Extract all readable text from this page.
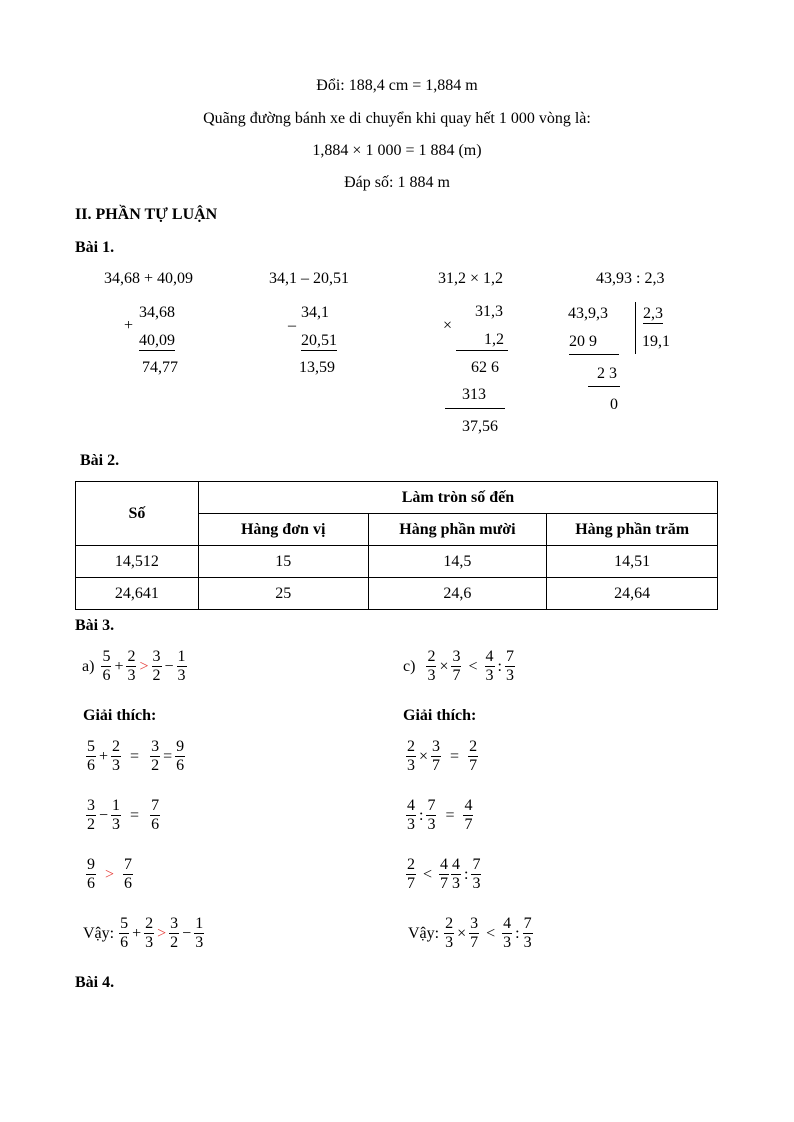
Đổi: 188,4 cm = 1,884 m
Quãng đường bánh xe di chuyển khi quay hết 1 000 vòng là:
1,884 × 1 000 = 1 884 (m)
Đáp số: 1 884 m
II. PHẦN TỰ LUẬN
Bài 1.
34,68 + 40,09	34,1 – 20,51	31,2 × 1,2	43,93 : 2,3
34,68
+
40,09
74,77
34,1
–
20,51
13,59
31,3
×
1,2
62 6
313
37,56
43,9,3 2,3
19,1
20 9
2 3
0
Bài 2.
Số	Làm tròn số đến		
	Hàng đơn vị	Hàng phần mười	Hàng phần trăm
14,512	15	14,5	14,51
24,641	25	24,6	24,64
Bài 3.
$a) \frac{5}{6} + \frac{2}{3} > \frac{3}{2} - \frac{1}{3}$	$c) \frac{2}{3} \times \frac{3}{7} < \frac{4}{3}$ : $\frac{7}{3}$
Giải thích:	Giải thích:
$\frac{5}{6} + \frac{2}{3} = \frac{3}{2} = \frac{9}{6}$
$\frac{3}{2} - \frac{1}{3} = \frac{7}{6}$
$\frac{9}{6} > \frac{7}{6}$
Vậy: $\frac{5}{6} + \frac{2}{3} > \frac{3}{2} - \frac{1}{3}$
$\frac{2}{3} \times \frac{3}{7} = \frac{2}{7}$
$\frac{4}{3}$ : $\frac{7}{3} = \frac{4}{7}$
$\frac{2}{7} < \frac{4}{7} \frac{4}{3}$ : $\frac{7}{3}$
Vậy: $\frac{2}{3} \times \frac{3}{7} < \frac{4}{3}$ : $\frac{7}{3}$
Bài 4.
